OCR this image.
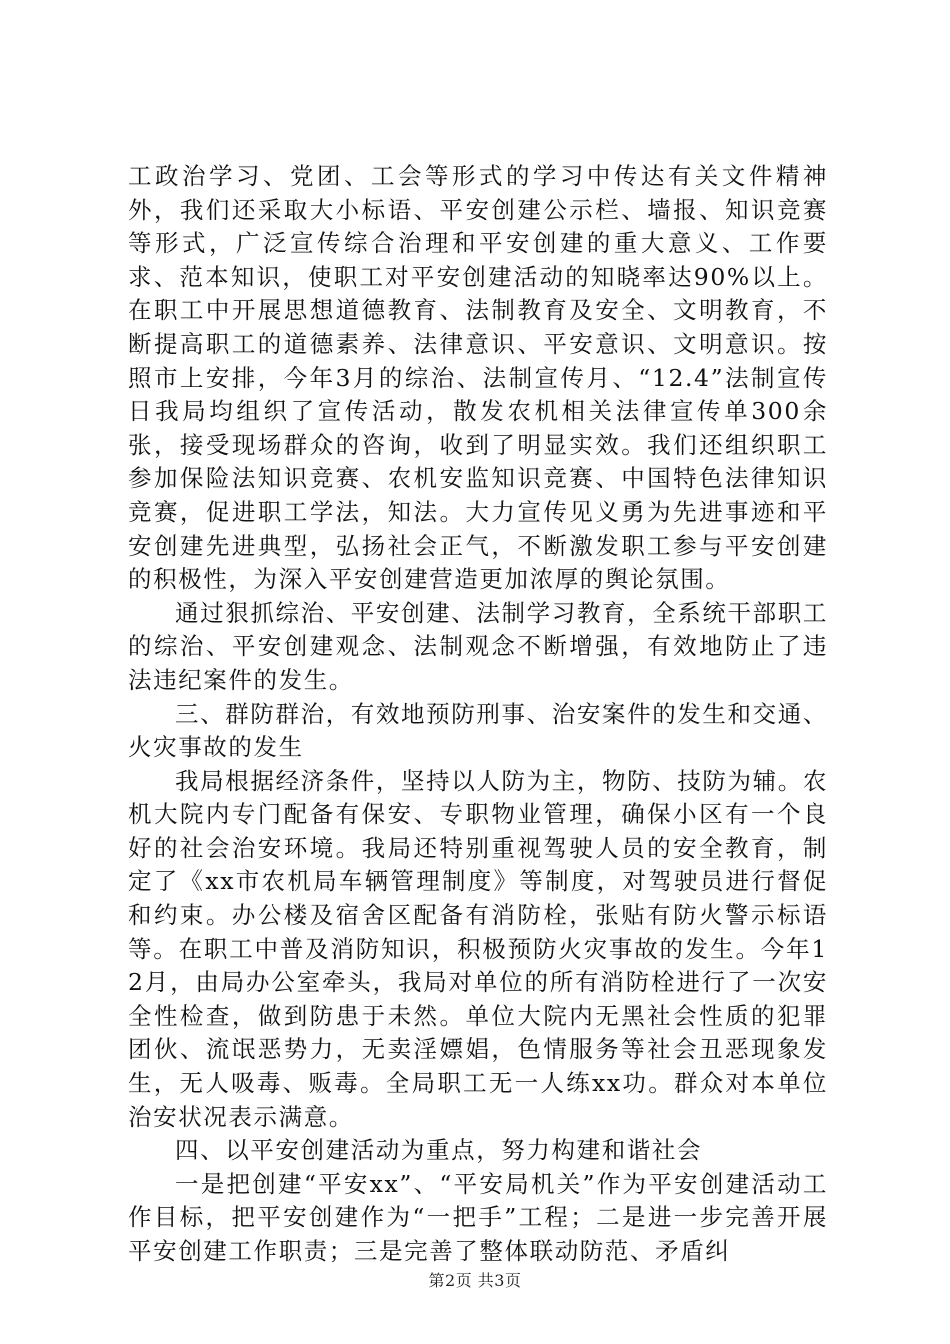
工政治学习、党团、工会等形式的学习中传达有关文件精神外，我们还采取大小标语、平安创建公示栏、墙报、知识竞赛等形式，广泛宣传综合治理和平安创建的重大意义、工作要求、范本知识，使职工对平安创建活动的知晓率达90%以上。在职工中开展思想道德教育、法制教育及安全、文明教育，不断提高职工的道德素养、法律意识、平安意识、文明意识。按照市上安排，今年3月的综治、法制宣传月、“12.4”法制宣传日我局均组织了宣传活动，散发农机相关法律宣传单300余张，接受现场群众的咨询，收到了明显实效。我们还组织职工参加保险法知识竞赛、农机安监知识竞赛、中国特色法律知识竞赛，促进职工学法，知法。大力宣传见义勇为先进事迹和平安创建先进典型，弘扬社会正气，不断激发职工参与平安创建的积极性，为深入平安创建营造更加浓厚的舆论氛围。

通过狠抓综治、平安创建、法制学习教育，全系统干部职工的综治、平安创建观念、法制观念不断增强，有效地防止了违法违纪案件的发生。

三、群防群治，有效地预防刑事、治安案件的发生和交通、火灾事故的发生

我局根据经济条件，坚持以人防为主，物防、技防为辅。农机大院内专门配备有保安、专职物业管理，确保小区有一个良好的社会治安环境。我局还特别重视驾驶人员的安全教育，制定了《xx市农机局车辆管理制度》等制度，对驾驶员进行督促和约束。办公楼及宿舍区配备有消防栓，张贴有防火警示标语等。在职工中普及消防知识，积极预防火灾事故的发生。今年12月，由局办公室牵头，我局对单位的所有消防栓进行了一次安全性检查，做到防患于未然。单位大院内无黑社会性质的犯罪团伙、流氓恶势力，无卖淫嫖娼，色情服务等社会丑恶现象发生，无人吸毒、贩毒。全局职工无一人练xx功。群众对本单位治安状况表示满意。

四、以平安创建活动为重点，努力构建和谐社会

一是把创建“平安xx”、“平安局机关”作为平安创建活动工作目标，把平安创建作为“一把手”工程；二是进一步完善开展平安创建工作职责；三是完善了整体联动防范、矛盾纠

第2页 共3页
